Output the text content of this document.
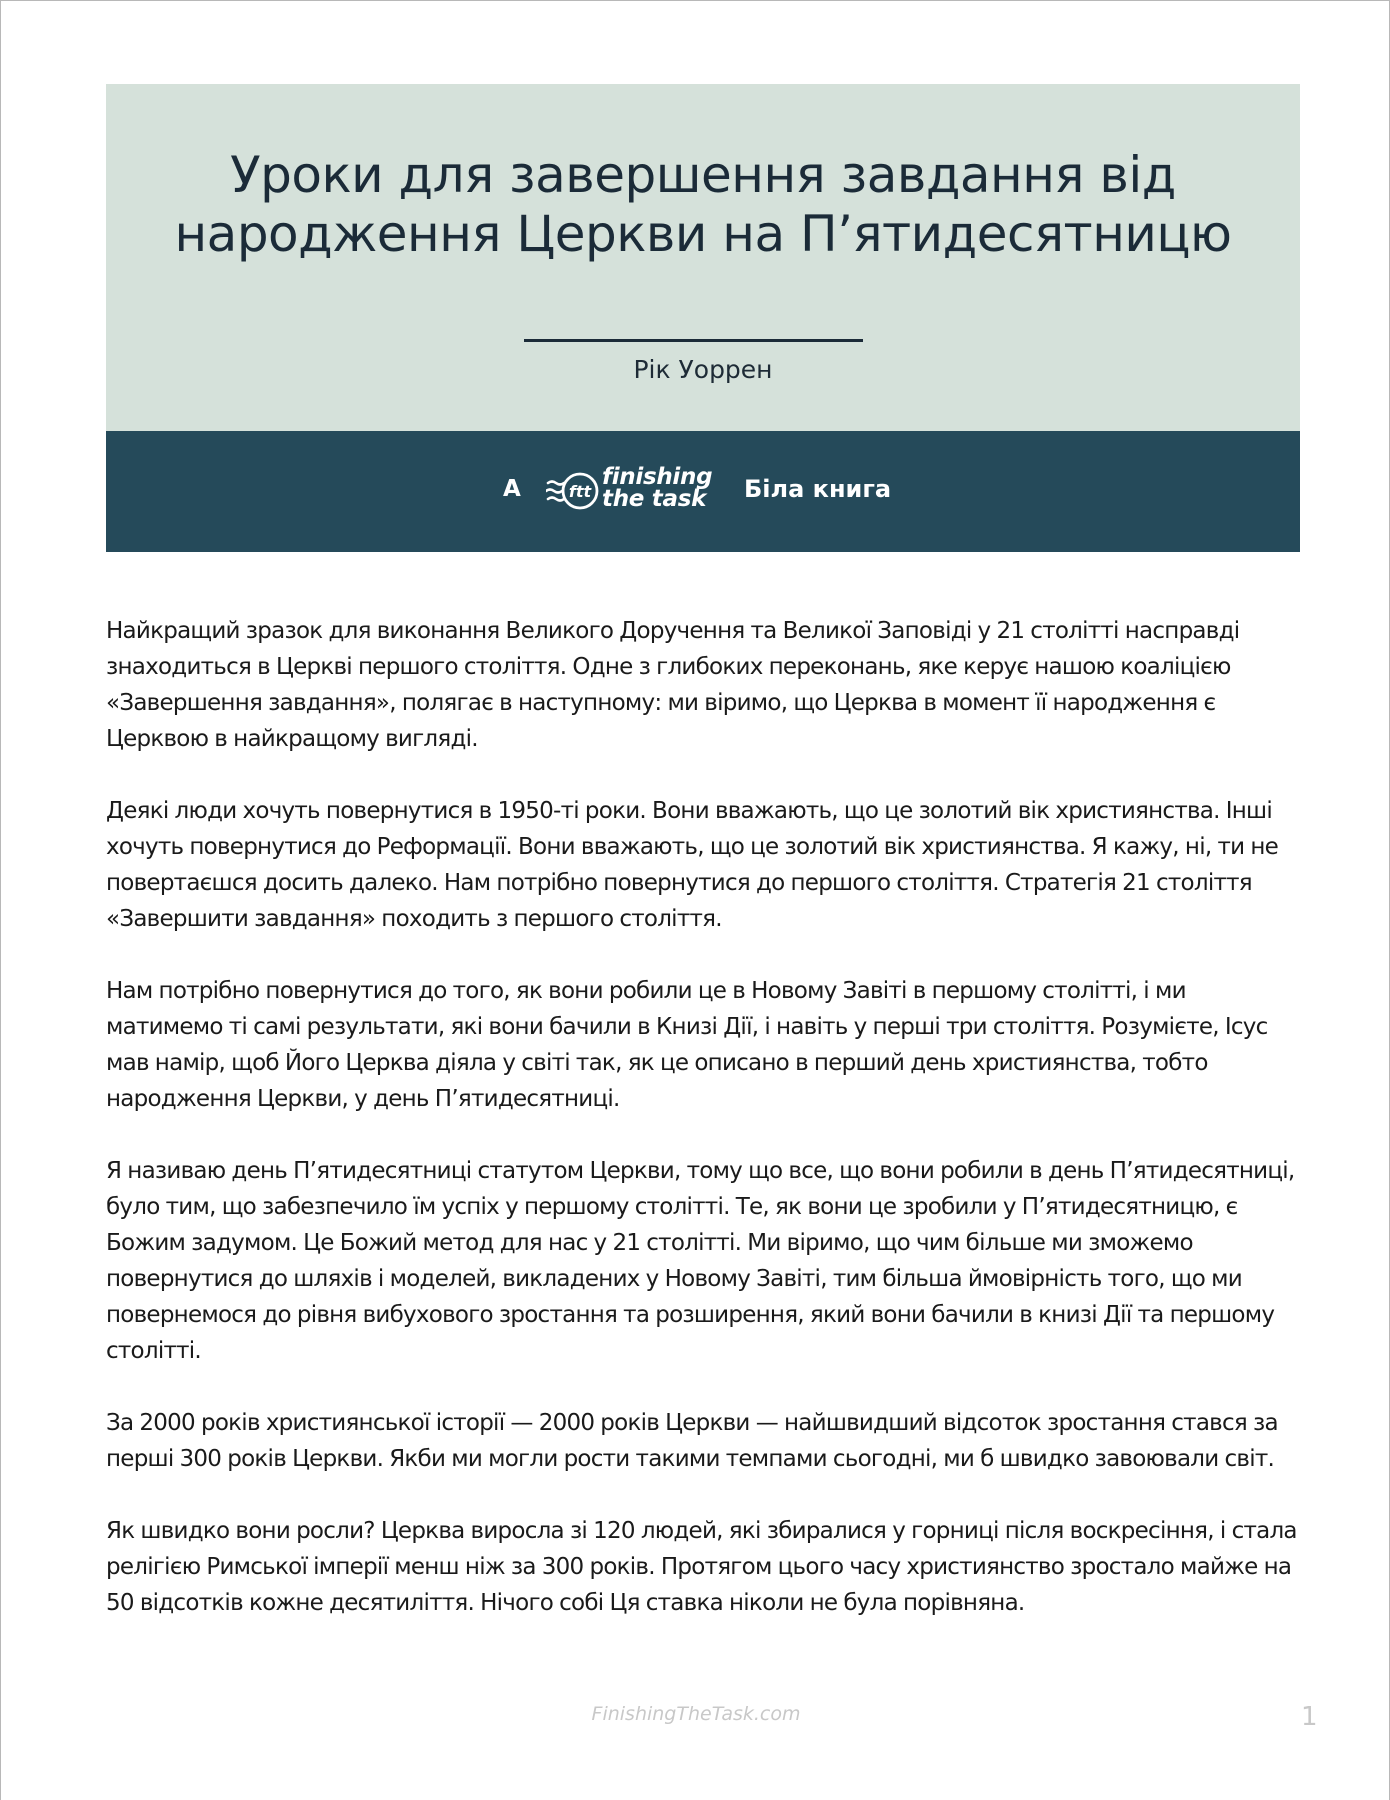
Уроки для завершення завдання від
народження Церкви на П’ятидесятницю
Рік Уоррен
A	ftt
finishing
the task Біла книга

Найкращий зразок для виконання Великого Доручення та Великої Заповіді у 21 столітті насправді знаходиться в Церкві першого століття. Одне з глибоких переконань, яке керує нашою коаліцією «Завершення завдання», полягає в наступному: ми віримо, що Церква в момент її народження є Церквою в найкращому вигляді.

Деякі люди хочуть повернутися в 1950-ті роки. Вони вважають, що це золотий вік християнства. Інші хочуть повернутися до Реформації. Вони вважають, що це золотий вік християнства. Я кажу, ні, ти не повертаєшся досить далеко. Нам потрібно повернутися до першого століття. Стратегія 21 століття «Завершити завдання» походить з першого століття.

Нам потрібно повернутися до того, як вони робили це в Новому Завіті в першому столітті, і ми матимемо ті самі результати, які вони бачили в Книзі Дії, і навіть у перші три століття. Розумієте, Ісус мав намір, щоб Його Церква діяла у світі так, як це описано в перший день християнства, тобто народження Церкви, у день П’ятидесятниці.

Я називаю день П’ятидесятниці статутом Церкви, тому що все, що вони робили в день П’ятидесятниці, було тим, що забезпечило їм успіх у першому столітті. Те, як вони це зробили у П’ятидесятницю, є Божим задумом. Це Божий метод для нас у 21 столітті. Ми віримо, що чим більше ми зможемо повернутися до шляхів і моделей, викладених у Новому Завіті, тим більша ймовірність того, що ми повернемося до рівня вибухового зростання та розширення, який вони бачили в книзі Дії та першому столітті.

За 2000 років християнської історії — 2000 років Церкви — найшвидший відсоток зростання стався за перші 300 років Церкви. Якби ми могли рости такими темпами сьогодні, ми б швидко завоювали світ.

Як швидко вони росли? Церква виросла зі 120 людей, які збиралися у горниці після воскресіння, і стала релігією Римської імперії менш ніж за 300 років. Протягом цього часу християнство зростало майже на 50 відсотків кожне десятиліття. Нічого собі Ця ставка ніколи не була порівняна.

FinishingTheTask.com	1
